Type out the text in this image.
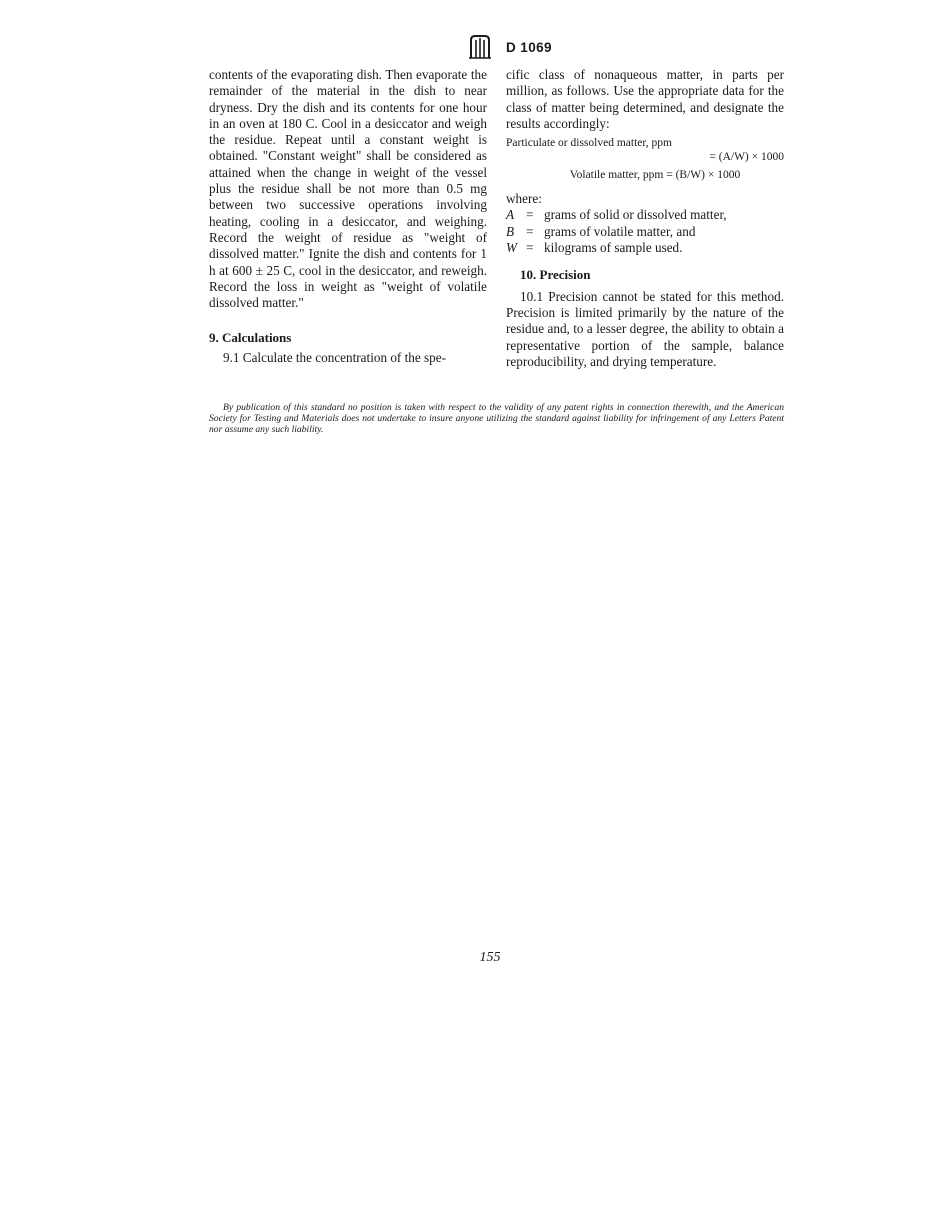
D 1069

contents of the evaporating dish. Then evaporate the remainder of the material in the dish to near dryness. Dry the dish and its contents for one hour in an oven at 180 C. Cool in a desiccator and weigh the residue. Repeat until a constant weight is obtained. "Constant weight" shall be considered as attained when the change in weight of the vessel plus the residue shall be not more than 0.5 mg between two successive operations involving heating, cooling in a desiccator, and weighing. Record the weight of residue as "weight of dissolved matter." Ignite the dish and contents for 1 h at 600 ± 25 C, cool in the desiccator, and reweigh. Record the loss in weight as "weight of volatile dissolved matter."

9. Calculations

9.1 Calculate the concentration of the spe-

cific class of nonaqueous matter, in parts per million, as follows. Use the appropriate data for the class of matter being determined, and designate the results accordingly:

Particulate or dissolved matter, ppm
= (A/W) × 1000
Volatile matter, ppm = (B/W) × 1000
where:
A = grams of solid or dissolved matter,
B = grams of volatile matter, and
W = kilograms of sample used.

10. Precision

10.1 Precision cannot be stated for this method. Precision is limited primarily by the nature of the residue and, to a lesser degree, the ability to obtain a representative portion of the sample, balance reproducibility, and drying temperature.

By publication of this standard no position is taken with respect to the validity of any patent rights in connection therewith, and the American Society for Testing and Materials does not undertake to insure anyone utilizing the standard against liability for infringement of any Letters Patent nor assume any such liability.
155
